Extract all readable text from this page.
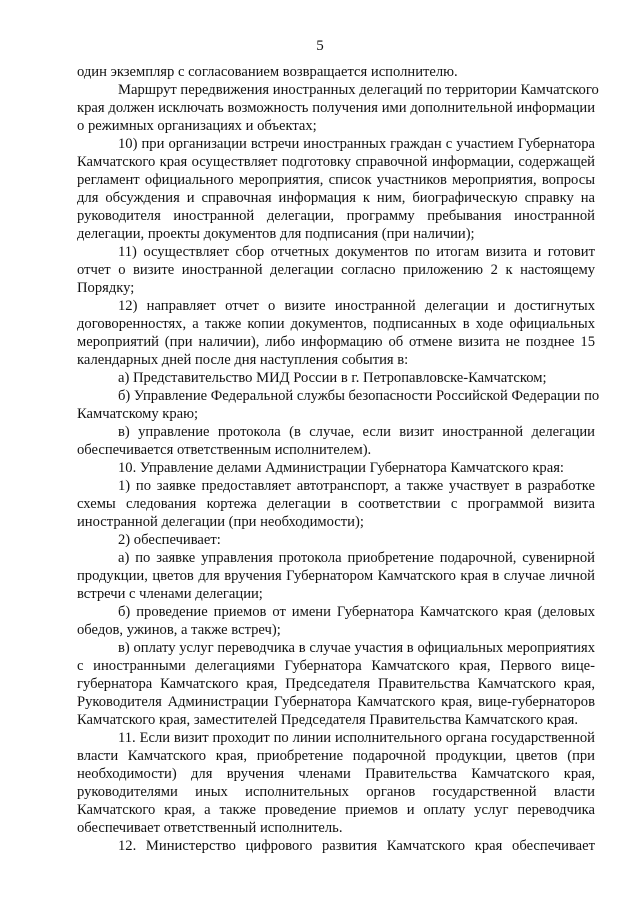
5
один экземпляр с согласованием возвращается исполнителю.
Маршрут передвижения иностранных делегаций по территории Камчатского
края должен исключать возможность получения ими дополнительной информации
о режимных организациях и объектах;
10) при организации встречи иностранных граждан с участием Губернатора
Камчатского края осуществляет подготовку справочной информации, содержащей
регламент официального мероприятия, список участников мероприятия, вопросы
для обсуждения и справочная информация к ним, биографическую справку на
руководителя иностранной делегации, программу пребывания иностранной
делегации, проекты документов для подписания (при наличии);
11) осуществляет сбор отчетных документов по итогам визита и готовит
отчет о визите иностранной делегации согласно приложению 2 к настоящему
Порядку;
12) направляет отчет о визите иностранной делегации и достигнутых
договоренностях, а также копии документов, подписанных в ходе официальных
мероприятий (при наличии), либо информацию об отмене визита не позднее 15
календарных дней после дня наступления события в:
а) Представительство МИД России в г. Петропавловске-Камчатском;
б) Управление Федеральной службы безопасности Российской Федерации по
Камчатскому краю;
в) управление протокола (в случае, если визит иностранной делегации
обеспечивается ответственным исполнителем).
10. Управление делами Администрации Губернатора Камчатского края:
1) по заявке предоставляет автотранспорт, а также участвует в разработке
схемы следования кортежа делегации в соответствии с программой визита
иностранной делегации (при необходимости);
2) обеспечивает:
а) по заявке управления протокола приобретение подарочной, сувенирной
продукции, цветов для вручения Губернатором Камчатского края в случае личной
встречи с членами делегации;
б) проведение приемов от имени Губернатора Камчатского края (деловых
обедов, ужинов, а также встреч);
в) оплату услуг переводчика в случае участия в официальных мероприятиях
с иностранными делегациями Губернатора Камчатского края, Первого вице-
губернатора Камчатского края, Председателя Правительства Камчатского края,
Руководителя Администрации Губернатора Камчатского края, вице-губернаторов
Камчатского края, заместителей Председателя Правительства Камчатского края.
11. Если визит проходит по линии исполнительного органа государственной
власти Камчатского края, приобретение подарочной продукции, цветов (при
необходимости) для вручения членами Правительства Камчатского края,
руководителями иных исполнительных органов государственной власти
Камчатского края, а также проведение приемов и оплату услуг переводчика
обеспечивает ответственный исполнитель.
12. Министерство цифрового развития Камчатского края обеспечивает
